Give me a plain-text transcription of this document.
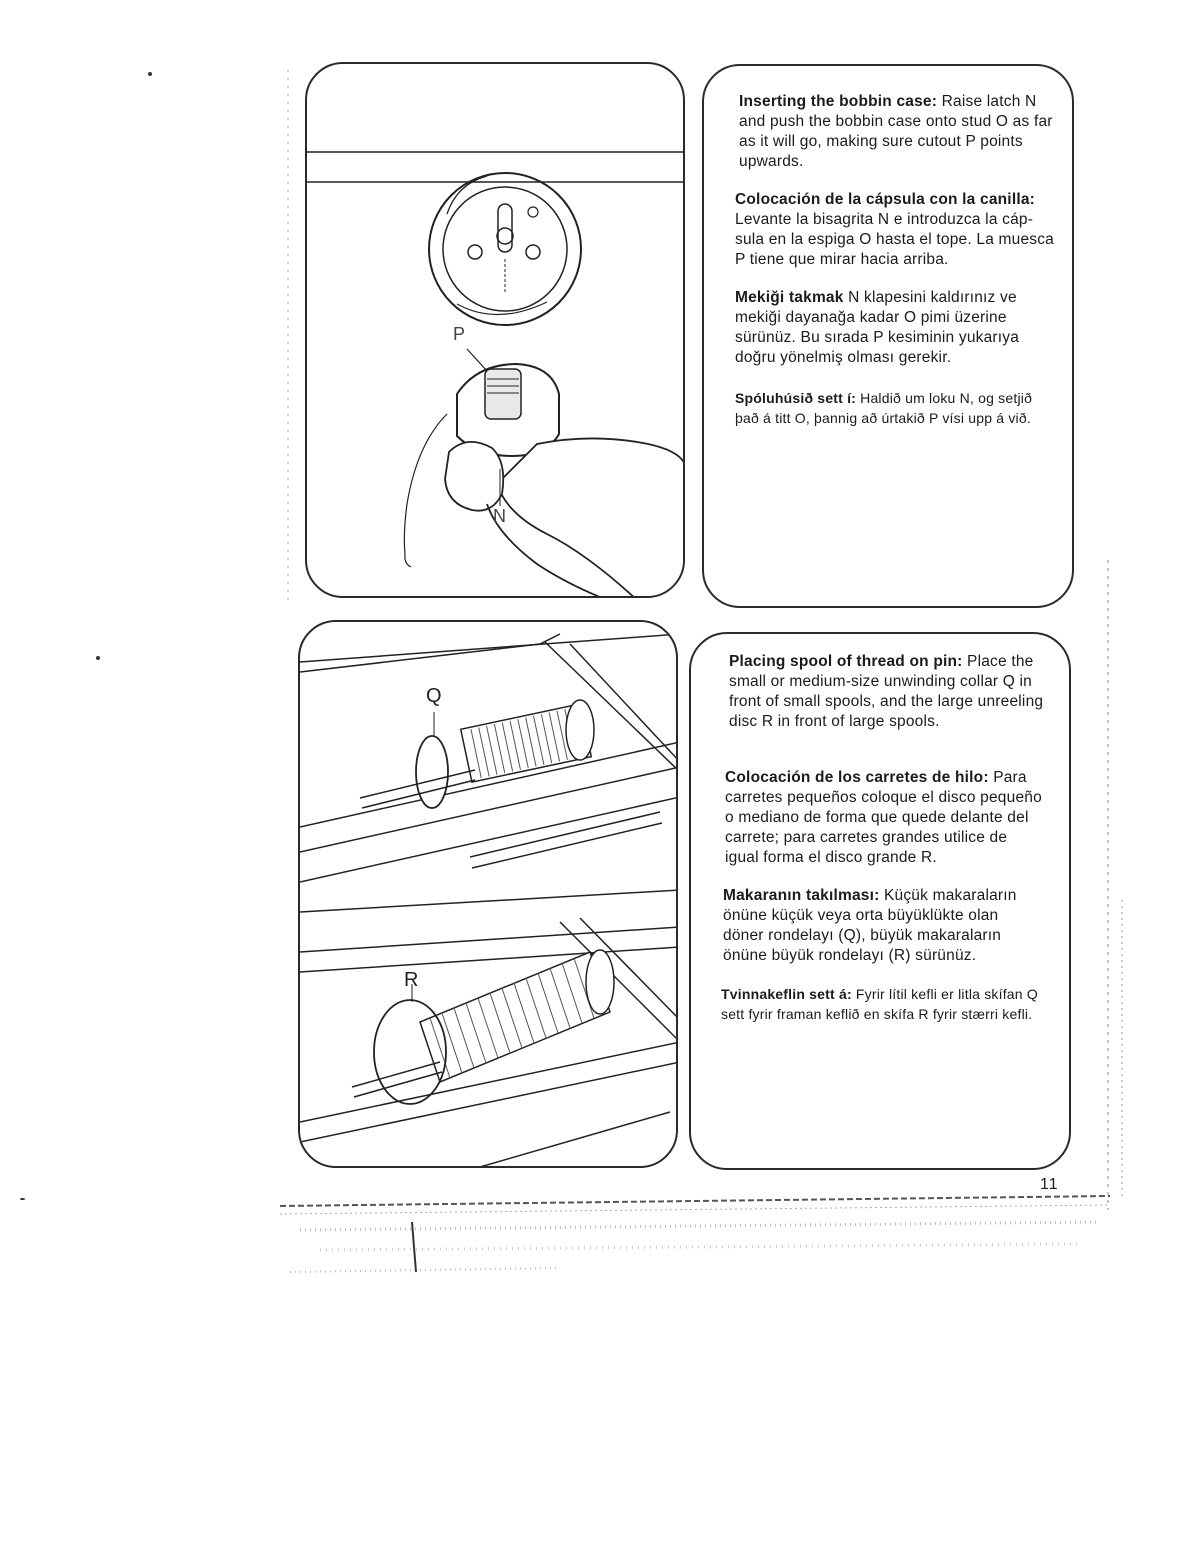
P
N
Inserting the bobbin case: Raise latch N and push the bobbin case onto stud O as far as it will go, making sure cutout P points upwards.
Colocación de la cápsula con la canilla: Levante la bisagrita N e introduzca la cáp-sula en la espiga O hasta el tope. La muesca P tiene que mirar hacia arriba.
Mekiği takmak N klapesini kaldırınız ve mekiği dayanağa kadar O pimi üzerine sürünüz. Bu sırada P kesiminin yukarıya doğru yönelmiş olması gerekir.
Spóluhúsið sett í: Haldið um loku N, og setjið það á titt O, þannig að úrtakið P vísi upp á við.
Q
R
Placing spool of thread on pin: Place the small or medium-size unwinding collar Q in front of small spools, and the large unreeling disc R in front of large spools.
Colocación de los carretes de hilo: Para carretes pequeños coloque el disco pequeño o mediano de forma que quede delante del carrete; para carretes grandes utilice de igual forma el disco grande R.
Makaranın takılması: Küçük makaraların önüne küçük veya orta büyüklükte olan döner rondelayı (Q), büyük makaraların önüne büyük rondelayı (R) sürünüz.
Tvinnakeflin sett á: Fyrir lítil kefli er litla skífan Q sett fyrir framan keflið en skífa R fyrir stærri kefli.
11
